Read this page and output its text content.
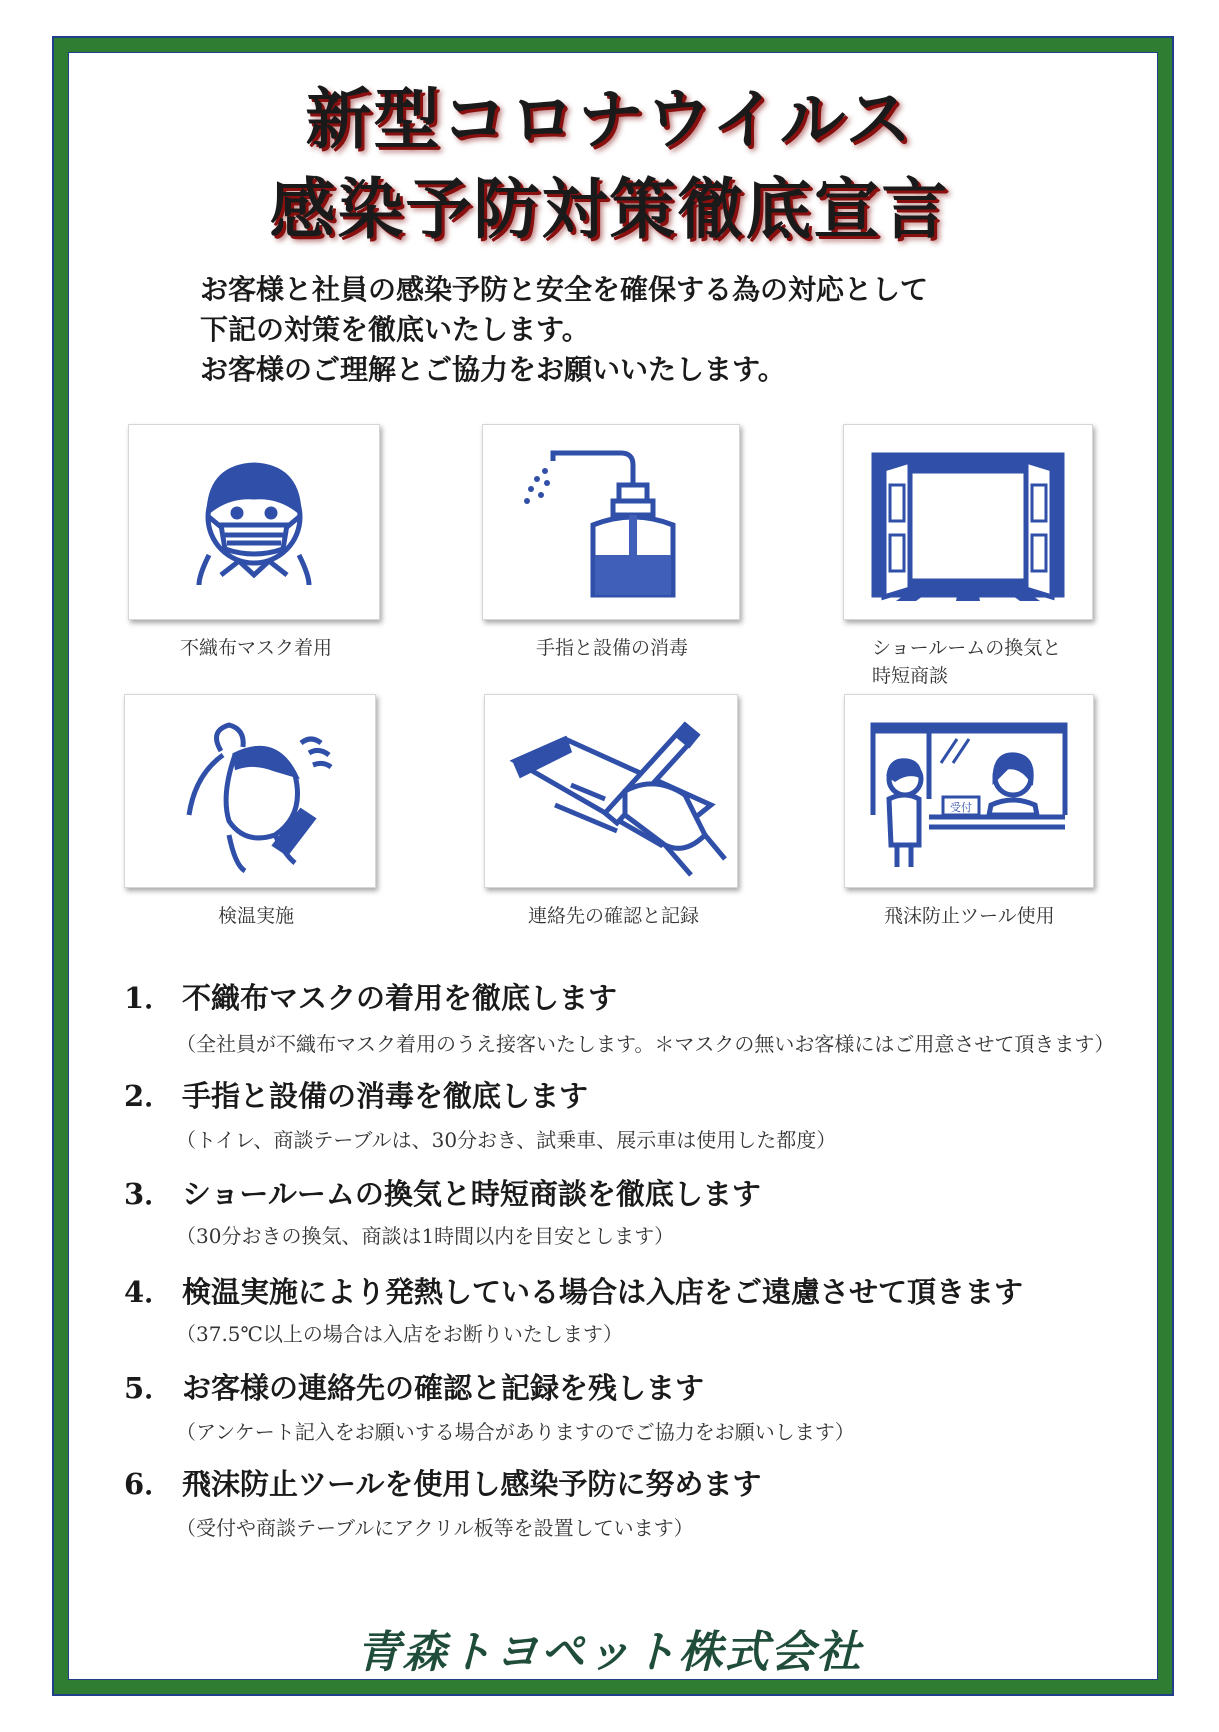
新型コロナウイルス
感染予防対策徹底宣言
お客様と社員の感染予防と安全を確保する為の対応として
下記の対策を徹底いたします。
お客様のご理解とご協力をお願いいたします。
不織布マスク着用	手指と設備の消毒	ショールームの換気と
時短商談
検温実施	連絡先の確認と記録
受付
飛沫防止ツール使用
1． 不織布マスクの着用を徹底します
（全社員が不織布マスク着用のうえ接客いたします。＊マスクの無いお客様にはご用意させて頂きます）
2． 手指と設備の消毒を徹底します
（トイレ、商談テーブルは、30分おき、試乗車、展示車は使用した都度）
3． ショールームの換気と時短商談を徹底します
（30分おきの換気、商談は1時間以内を目安とします）
4． 検温実施により発熱している場合は入店をご遠慮させて頂きます
（37.5℃以上の場合は入店をお断りいたします）
5． お客様の連絡先の確認と記録を残します
（アンケート記入をお願いする場合がありますのでご協力をお願いします）
6． 飛沫防止ツールを使用し感染予防に努めます
（受付や商談テーブルにアクリル板等を設置しています）
青森トヨペット株式会社
